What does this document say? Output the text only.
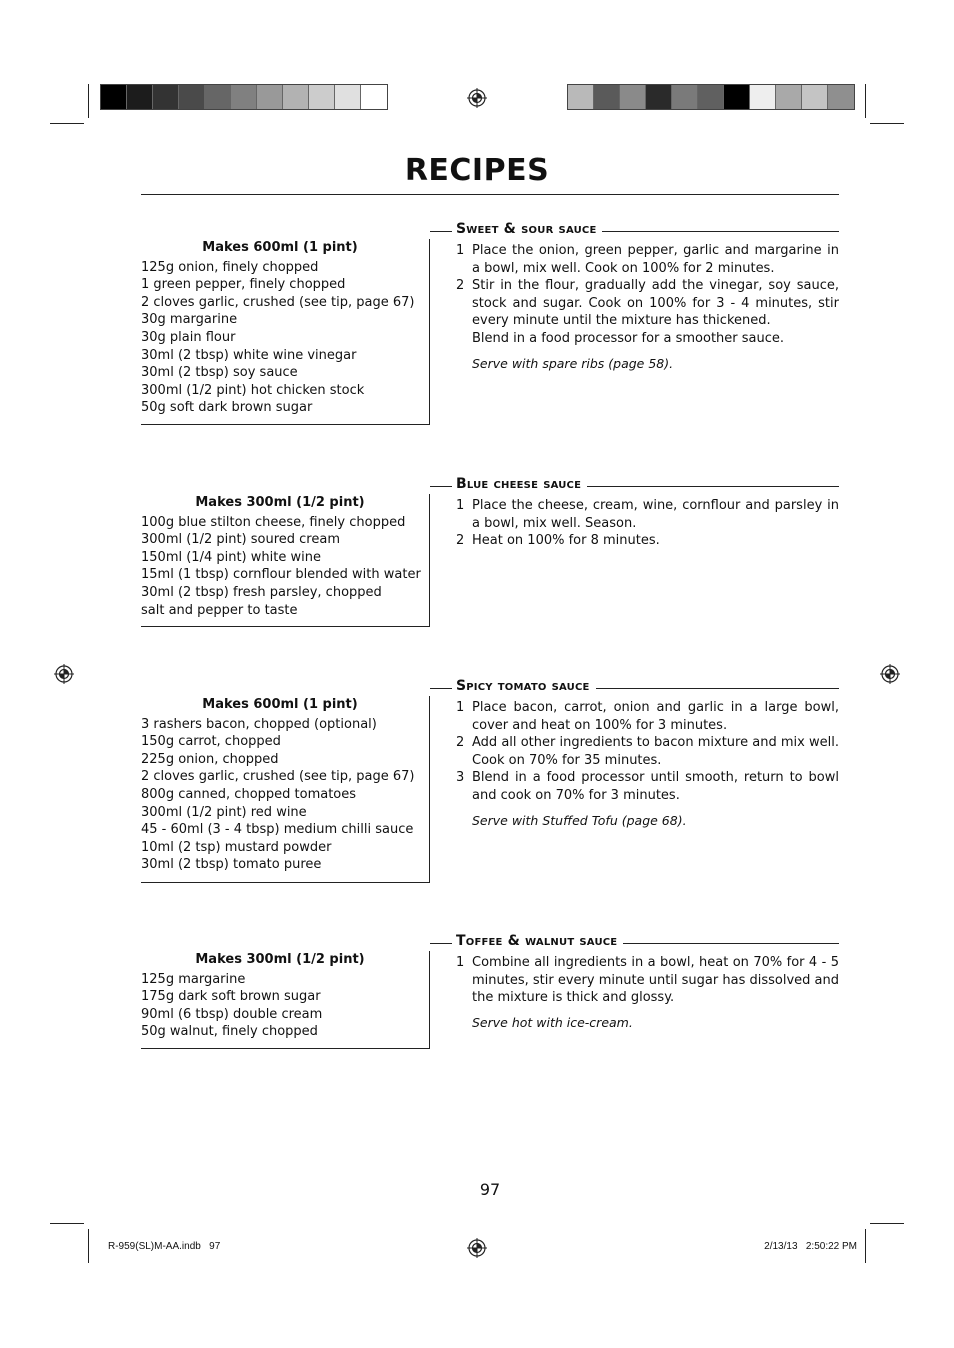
RECIPES
Makes 600ml (1 pint)
125g onion, finely chopped
1 green pepper, finely chopped
2 cloves garlic, crushed (see tip, page 67)
30g margarine
30g plain flour
30ml (2 tbsp) white wine vinegar
30ml (2 tbsp) soy sauce
300ml (1/2 pint) hot chicken stock
50g soft dark brown sugar
Sweet & sour sauce
1 Place the onion, green pepper, garlic and margarine in a bowl, mix well. Cook on 100% for 2 minutes.
2 Stir in the flour, gradually add the vinegar, soy sauce, stock and sugar. Cook on 100% for 3 - 4 minutes, stir every minute until the mixture has thickened.
Blend in a food processor for a smoother sauce.
Serve with spare ribs (page 58).
Makes 300ml (1/2 pint)
100g blue stilton cheese, finely chopped
300ml (1/2 pint) soured cream
150ml (1/4 pint) white wine
15ml (1 tbsp) cornflour blended with water
30ml (2 tbsp) fresh parsley, chopped
salt and pepper to taste
Blue cheese sauce
1 Place the cheese, cream, wine, cornflour and parsley in a bowl, mix well. Season.
2 Heat on 100% for 8 minutes.
Makes 600ml (1 pint)
3 rashers bacon, chopped (optional)
150g carrot, chopped
225g onion, chopped
2 cloves garlic, crushed (see tip, page 67)
800g canned, chopped tomatoes
300ml (1/2 pint) red wine
45 - 60ml (3 - 4 tbsp) medium chilli sauce
10ml (2 tsp) mustard powder
30ml (2 tbsp) tomato puree
Spicy tomato sauce
1 Place bacon, carrot, onion and garlic in a large bowl, cover and heat on 100% for 3 minutes.
2 Add all other ingredients to bacon mixture and mix well. Cook on 70% for 35 minutes.
3 Blend in a food processor until smooth, return to bowl and cook on 70% for 3 minutes.
Serve with Stuffed Tofu (page 68).
Makes 300ml (1/2 pint)
125g margarine
175g dark soft brown sugar
90ml (6 tbsp) double cream
50g walnut, finely chopped
Toffee & walnut sauce
1 Combine all ingredients in a bowl, heat on 70% for 4 - 5 minutes, stir every minute until sugar has dissolved and the mixture is thick and glossy.
Serve hot with ice-cream.
97
R-959(SL)M-AA.indb   97	2/13/13   2:50:22 PM
